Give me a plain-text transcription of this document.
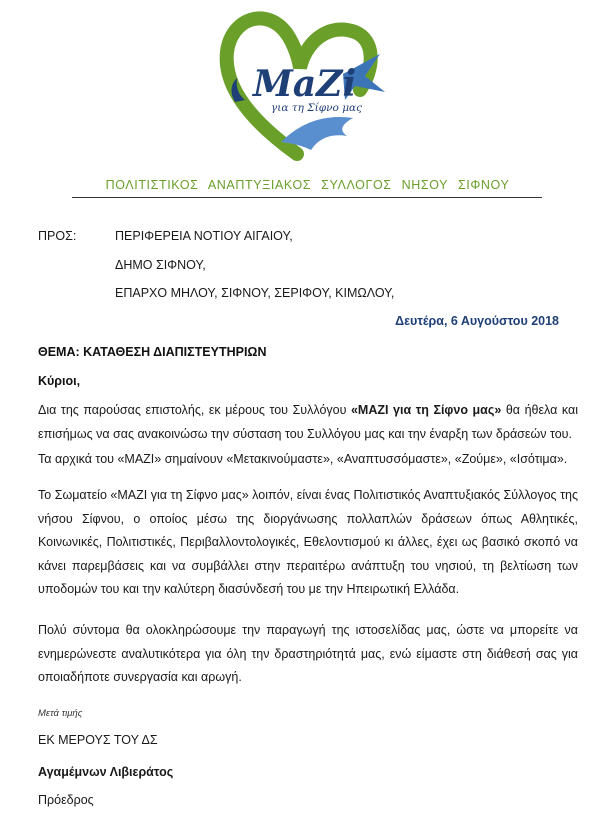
MaZi
για τη Σίφνο μας
ΠΟΛΙΤΙΣΤΙΚΟΣ ΑΝΑΠΤΥΞΙΑΚΟΣ ΣΥΛΛΟΓΟΣ ΝΗΣΟΥ ΣΙΦΝΟΥ
ΠΡΟΣ:	ΠΕΡΙΦΕΡΕΙΑ ΝΟΤΙΟΥ ΑΙΓΑΙΟΥ,
ΔΗΜΟ ΣΙΦΝΟΥ,
ΕΠΑΡΧΟ ΜΗΛΟΥ, ΣΙΦΝΟΥ, ΣΕΡΙΦΟΥ, ΚΙΜΩΛΟΥ,
Δευτέρα, 6 Αυγούστου 2018
ΘΕΜΑ: ΚΑΤΑΘΕΣΗ ΔΙΑΠΙΣΤΕΥΤΗΡΙΩΝ
Κύριοι,
Δια της παρούσας επιστολής, εκ μέρους του Συλλόγου «ΜΑΖΙ για τη Σίφνο μας» θα ήθελα και επισήμως να σας ανακοινώσω την σύσταση του Συλλόγου μας και την έναρξη των δράσεών του.
Τα αρχικά του «ΜΑΖΙ» σημαίνουν «Μετακινούμαστε», «Αναπτυσσόμαστε», «Ζούμε», «Ισότιμα».
Το Σωματείο «ΜΑΖΙ για τη Σίφνο μας» λοιπόν, είναι ένας Πολιτιστικός Αναπτυξιακός Σύλλογος της νήσου Σίφνου, ο οποίος μέσω της διοργάνωσης πολλαπλών δράσεων όπως Αθλητικές, Κοινωνικές, Πολιτιστικές, Περιβαλλοντολογικές, Εθελοντισμού κι άλλες, έχει ως βασικό σκοπό να κάνει παρεμβάσεις και να συμβάλλει στην περαιτέρω ανάπτυξη του νησιού, τη βελτίωση των υποδομών του και την καλύτερη διασύνδεσή του με την Ηπειρωτική Ελλάδα.
Πολύ σύντομα θα ολοκληρώσουμε την παραγωγή της ιστοσελίδας μας, ώστε να μπορείτε να ενημερώνεστε αναλυτικότερα για όλη την δραστηριότητά μας, ενώ είμαστε στη διάθεσή σας για οποιαδήποτε συνεργασία και αρωγή.
Μετά τιμής
ΕΚ ΜΕΡΟΥΣ ΤΟΥ ΔΣ
Αγαμέμνων Λιβιεράτος
Πρόεδρος
